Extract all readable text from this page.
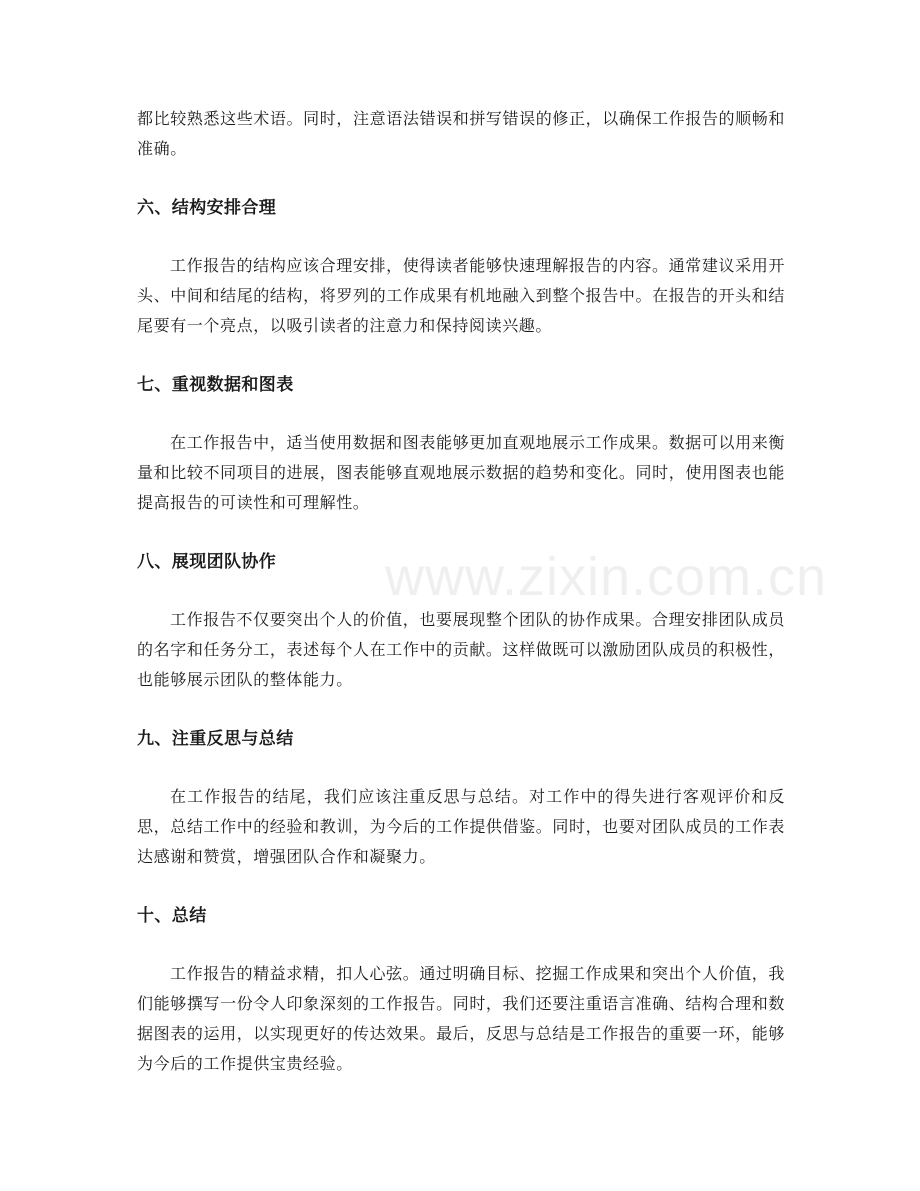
www.zixin.com.cn

都比较熟悉这些术语。同时，注意语法错误和拼写错误的修正，以确保工作报告的顺畅和准确。

六、结构安排合理

工作报告的结构应该合理安排，使得读者能够快速理解报告的内容。通常建议采用开头、中间和结尾的结构，将罗列的工作成果有机地融入到整个报告中。在报告的开头和结尾要有一个亮点，以吸引读者的注意力和保持阅读兴趣。

七、重视数据和图表

在工作报告中，适当使用数据和图表能够更加直观地展示工作成果。数据可以用来衡量和比较不同项目的进展，图表能够直观地展示数据的趋势和变化。同时，使用图表也能提高报告的可读性和可理解性。

八、展现团队协作

工作报告不仅要突出个人的价值，也要展现整个团队的协作成果。合理安排团队成员的名字和任务分工，表述每个人在工作中的贡献。这样做既可以激励团队成员的积极性，也能够展示团队的整体能力。

九、注重反思与总结

在工作报告的结尾，我们应该注重反思与总结。对工作中的得失进行客观评价和反思，总结工作中的经验和教训，为今后的工作提供借鉴。同时，也要对团队成员的工作表达感谢和赞赏，增强团队合作和凝聚力。

十、总结

工作报告的精益求精，扣人心弦。通过明确目标、挖掘工作成果和突出个人价值，我们能够撰写一份令人印象深刻的工作报告。同时，我们还要注重语言准确、结构合理和数据图表的运用，以实现更好的传达效果。最后，反思与总结是工作报告的重要一环，能够为今后的工作提供宝贵经验。
